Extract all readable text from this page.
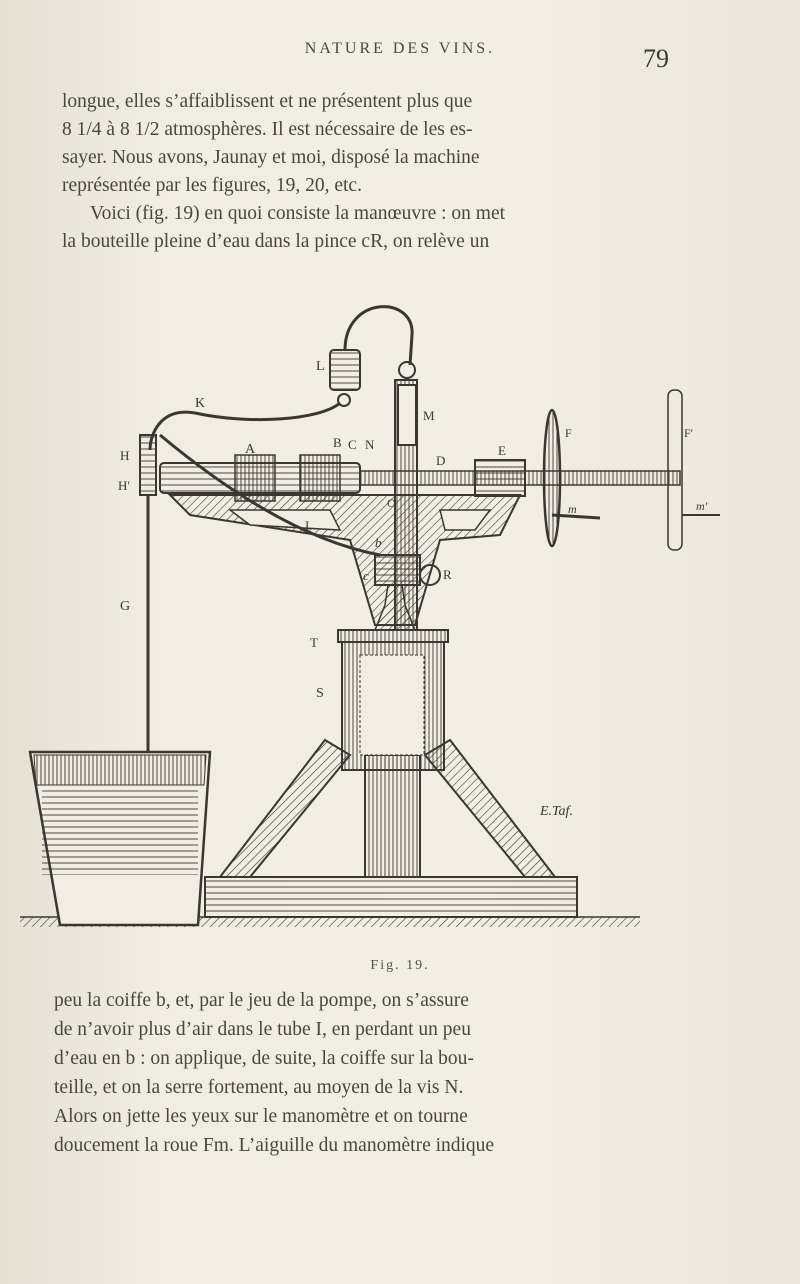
NATURE DES VINS.	79
longue, elles s’affaiblissent et ne présentent plus que
8 1/4 à 8 1/2 atmosphères. Il est nécessaire de les es-
sayer. Nous avons, Jaunay et moi, disposé la machine
représentée par les figures, 19, 20, etc.
Voici (fig. 19) en quoi consiste la manœuvre : on met
la bouteille pleine d’eau dans la pince cR, on relève un
L
K
M
A	B C N
D
E
F	F′
H
H′
I
O
b
c	R
G
T
S
m	m′
E.Taf.
Fig. 19.
peu la coiffe b, et, par le jeu de la pompe, on s’assure
de n’avoir plus d’air dans le tube I, en perdant un peu
d’eau en b : on applique, de suite, la coiffe sur la bou-
teille, et on la serre fortement, au moyen de la vis N.
Alors on jette les yeux sur le manomètre et on tourne
doucement la roue Fm. L’aiguille du manomètre indique
